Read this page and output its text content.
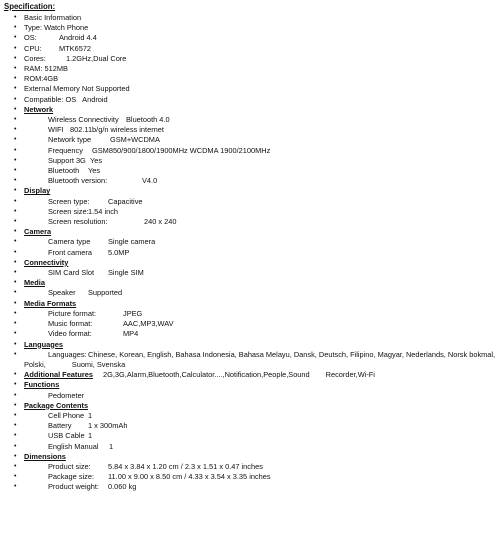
Specification:
• Basic Information
• Type: Watch Phone
• OS:	Android 4.4
• CPU: MTK6572
• Cores:	1.2GHz,Dual Core
• RAM: 512MB
• ROM:4GB
• External Memory Not Supported
• Compatible: OS Android
• Network
•	Wireless Connectivity Bluetooth 4.0
•	WIFI 802.11b/g/n wireless internet
•	Network type	GSM+WCDMA
•	Frequency GSM850/900/1800/1900MHz WCDMA 1900/2100MHz
•	Support 3G Yes
•	Bluetooth Yes
•	Bluetooth version:	V4.0
• Display
•	Screen type:	Capacitive
•	Screen size:1.54 inch
•	Screen resolution:	240 x 240
• Camera
•	Camera type Single camera
•	Front camera 5.0MP
• Connectivity
•	SIM Card Slot Single SIM
• Media
•	Speaker Supported
• Media Formats
•	Picture format:	JPEG
•	Music format:	AAC,MP3,WAV
•	Video format:	MP4
• Languages
•	Languages:Chinese, Korean, English, Bahasa Indonesia, Bahasa Melayu, Dansk, Deutsch, Filipino, Magyar, Nederlands, Norsk bokmal,
Polski,	Suomi, Svenska
• Additional Features 2G,3G,Alarm,Bluetooth,Calculator....,Notification,People,Sound Recorder,Wi-Fi
• Functions
•	Pedometer
• Package Contents
•	Cell Phone 1
•	Battery 1 x 300mAh
•	USB Cable 1
•	English Manual 1
• Dimensions
•	Product size: 5.84 x 3.84 x 1.20 cm / 2.3 x 1.51 x 0.47 inches
•	Package size: 11.00 x 9.00 x 8.50 cm / 4.33 x 3.54 x 3.35 inches
•	Product weight: 0.060 kg
